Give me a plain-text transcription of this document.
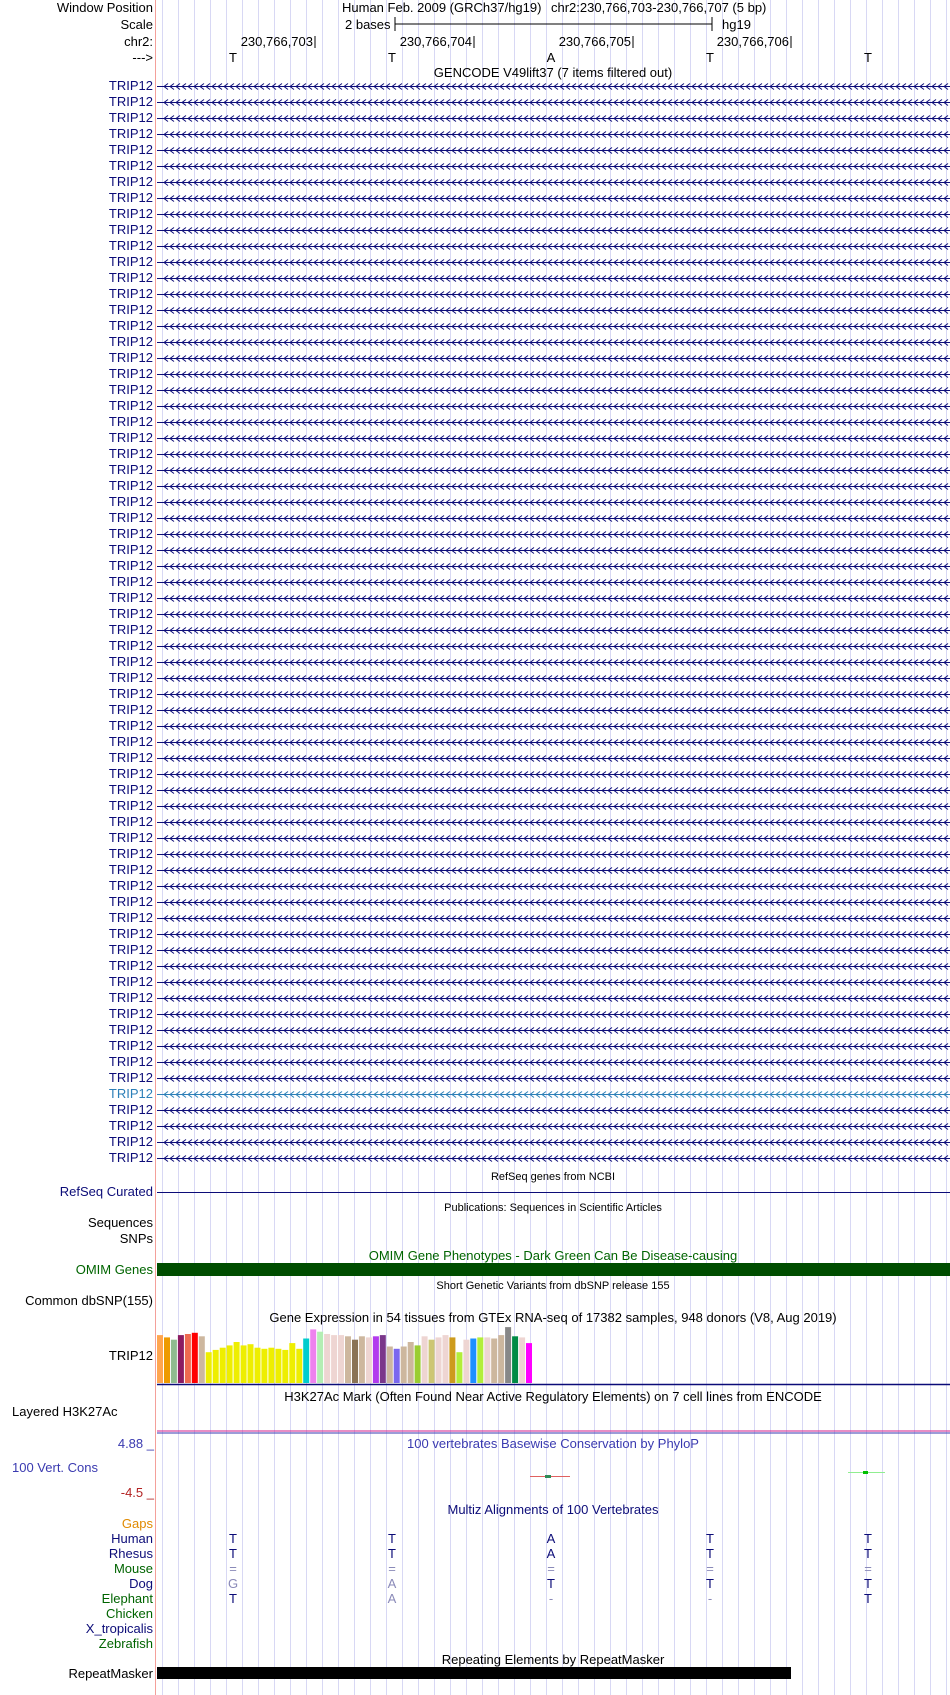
Window Position
Scale
chr2:
--->
Human Feb. 2009 (GRCh37/hg19) chr2:230,766,703-230,766,707 (5 bp)
2 bases	hg19
230,766,703	230,766,704	230,766,705	230,766,706
T	T	A	T	T
GENCODE V49lift37 (7 items filtered out)
TRIP12
TRIP12
TRIP12
TRIP12
TRIP12
TRIP12
TRIP12
TRIP12
TRIP12
TRIP12
TRIP12
TRIP12
TRIP12
TRIP12
TRIP12
TRIP12
TRIP12
TRIP12
TRIP12
TRIP12
TRIP12
TRIP12
TRIP12
TRIP12
TRIP12
TRIP12
TRIP12
TRIP12
TRIP12
TRIP12
TRIP12
TRIP12
TRIP12
TRIP12
TRIP12
TRIP12
TRIP12
TRIP12
TRIP12
TRIP12
TRIP12
TRIP12
TRIP12
TRIP12
TRIP12
TRIP12
TRIP12
TRIP12
TRIP12
TRIP12
TRIP12
TRIP12
TRIP12
TRIP12
TRIP12
TRIP12
TRIP12
TRIP12
TRIP12
TRIP12
TRIP12
TRIP12
TRIP12
TRIP12
TRIP12
TRIP12
TRIP12
TRIP12
RefSeq genes from NCBI
RefSeq Curated
Publications: Sequences in Scientific Articles
Sequences
SNPs
OMIM Gene Phenotypes - Dark Green Can Be Disease-causing
OMIM Genes
Short Genetic Variants from dbSNP release 155
Common dbSNP(155)
Gene Expression in 54 tissues from GTEx RNA-seq of 17382 samples, 948 donors (V8, Aug 2019)
TRIP12
H3K27Ac Mark (Often Found Near Active Regulatory Elements) on 7 cell lines from ENCODE
Layered H3K27Ac
4.88 _	100 vertebrates Basewise Conservation by PhyloP
100 Vert. Cons
-4.5 _
Multiz Alignments of 100 Vertebrates
Gaps
Human	T	T	A	T	T
Rhesus	T	T	A	T	T
Mouse	=	=	=	=	=
Dog	G	A	T	T	T
Elephant	T	A	-	-	T
Chicken
X_tropicalis
Zebrafish
Repeating Elements by RepeatMasker
RepeatMasker
